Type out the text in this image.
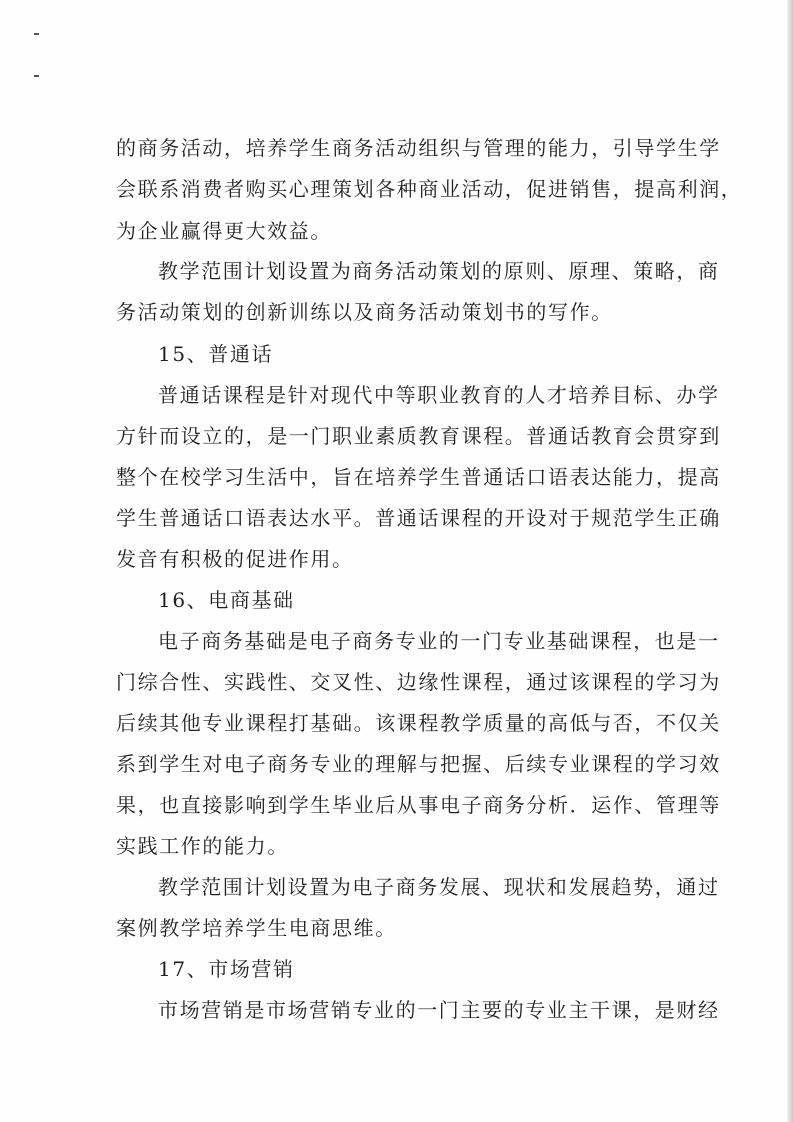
的商务活动，培养学生商务活动组织与管理的能力，引导学生学
会联系消费者购买心理策划各种商业活动，促进销售，提高利润，
为企业赢得更大效益。
教学范围计划设置为商务活动策划的原则、原理、策略，商
务活动策划的创新训练以及商务活动策划书的写作。
15、普通话
普通话课程是针对现代中等职业教育的人才培养目标、办学
方针而设立的，是一门职业素质教育课程。普通话教育会贯穿到
整个在校学习生活中，旨在培养学生普通话口语表达能力，提高
学生普通话口语表达水平。普通话课程的开设对于规范学生正确
发音有积极的促进作用。
16、电商基础
电子商务基础是电子商务专业的一门专业基础课程，也是一
门综合性、实践性、交叉性、边缘性课程，通过该课程的学习为
后续其他专业课程打基础。该课程教学质量的高低与否，不仅关
系到学生对电子商务专业的理解与把握、后续专业课程的学习效
果，也直接影响到学生毕业后从事电子商务分析．运作、管理等
实践工作的能力。
教学范围计划设置为电子商务发展、现状和发展趋势，通过
案例教学培养学生电商思维。
17、市场营销
市场营销是市场营销专业的一门主要的专业主干课，是财经
